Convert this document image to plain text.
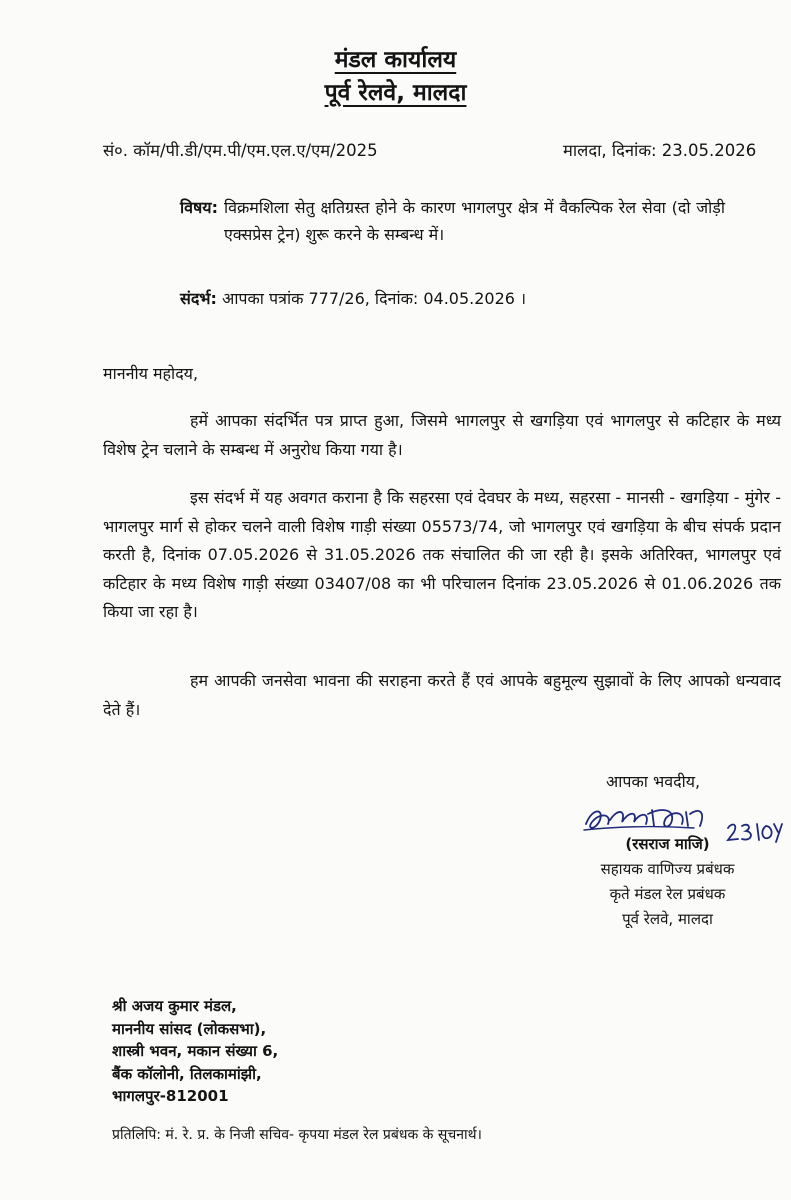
मंडल कार्यालय
पूर्व रेलवे, मालदा
सं०. कॉम/पी.डी/एम.पी/एम.एल.ए/एम/2025	मालदा, दिनांक: 23.05.2026
विषय: विक्रमशिला सेतु क्षतिग्रस्त होने के कारण भागलपुर क्षेत्र में वैकल्पिक रेल सेवा (दो जोड़ी एक्सप्रेस ट्रेन) शुरू करने के सम्बन्ध में।
संदर्भ: आपका पत्रांक 777/26, दिनांक: 04.05.2026 ।
माननीय महोदय,

हमें आपका संदर्भित पत्र प्राप्त हुआ, जिसमे भागलपुर से खगड़िया एवं भागलपुर से कटिहार के मध्य विशेष ट्रेन चलाने के सम्बन्ध में अनुरोध किया गया है।

इस संदर्भ में यह अवगत कराना है कि सहरसा एवं देवघर के मध्य, सहरसा - मानसी - खगड़िया - मुंगेर - भागलपुर मार्ग से होकर चलने वाली विशेष गाड़ी संख्या 05573/74, जो भागलपुर एवं खगड़िया के बीच संपर्क प्रदान करती है, दिनांक 07.05.2026 से 31.05.2026 तक संचालित की जा रही है। इसके अतिरिक्त, भागलपुर एवं कटिहार के मध्य विशेष गाड़ी संख्या 03407/08 का भी परिचालन दिनांक 23.05.2026 से 01.06.2026 तक किया जा रहा है।

हम आपकी जनसेवा भावना की सराहना करते हैं एवं आपके बहुमूल्य सुझावों के लिए आपको धन्यवाद देते हैं।

आपका भवदीय,
(रसराज माजि)
सहायक वाणिज्य प्रबंधक
कृते मंडल रेल प्रबंधक
पूर्व रेलवे, मालदा
श्री अजय कुमार मंडल,
माननीय सांसद (लोकसभा),
शास्त्री भवन, मकान संख्या 6,
बैंक कॉलोनी, तिलकामांझी,
भागलपुर-812001
प्रतिलिपि: मं. रे. प्र. के निजी सचिव- कृपया मंडल रेल प्रबंधक के सूचनार्थ।
